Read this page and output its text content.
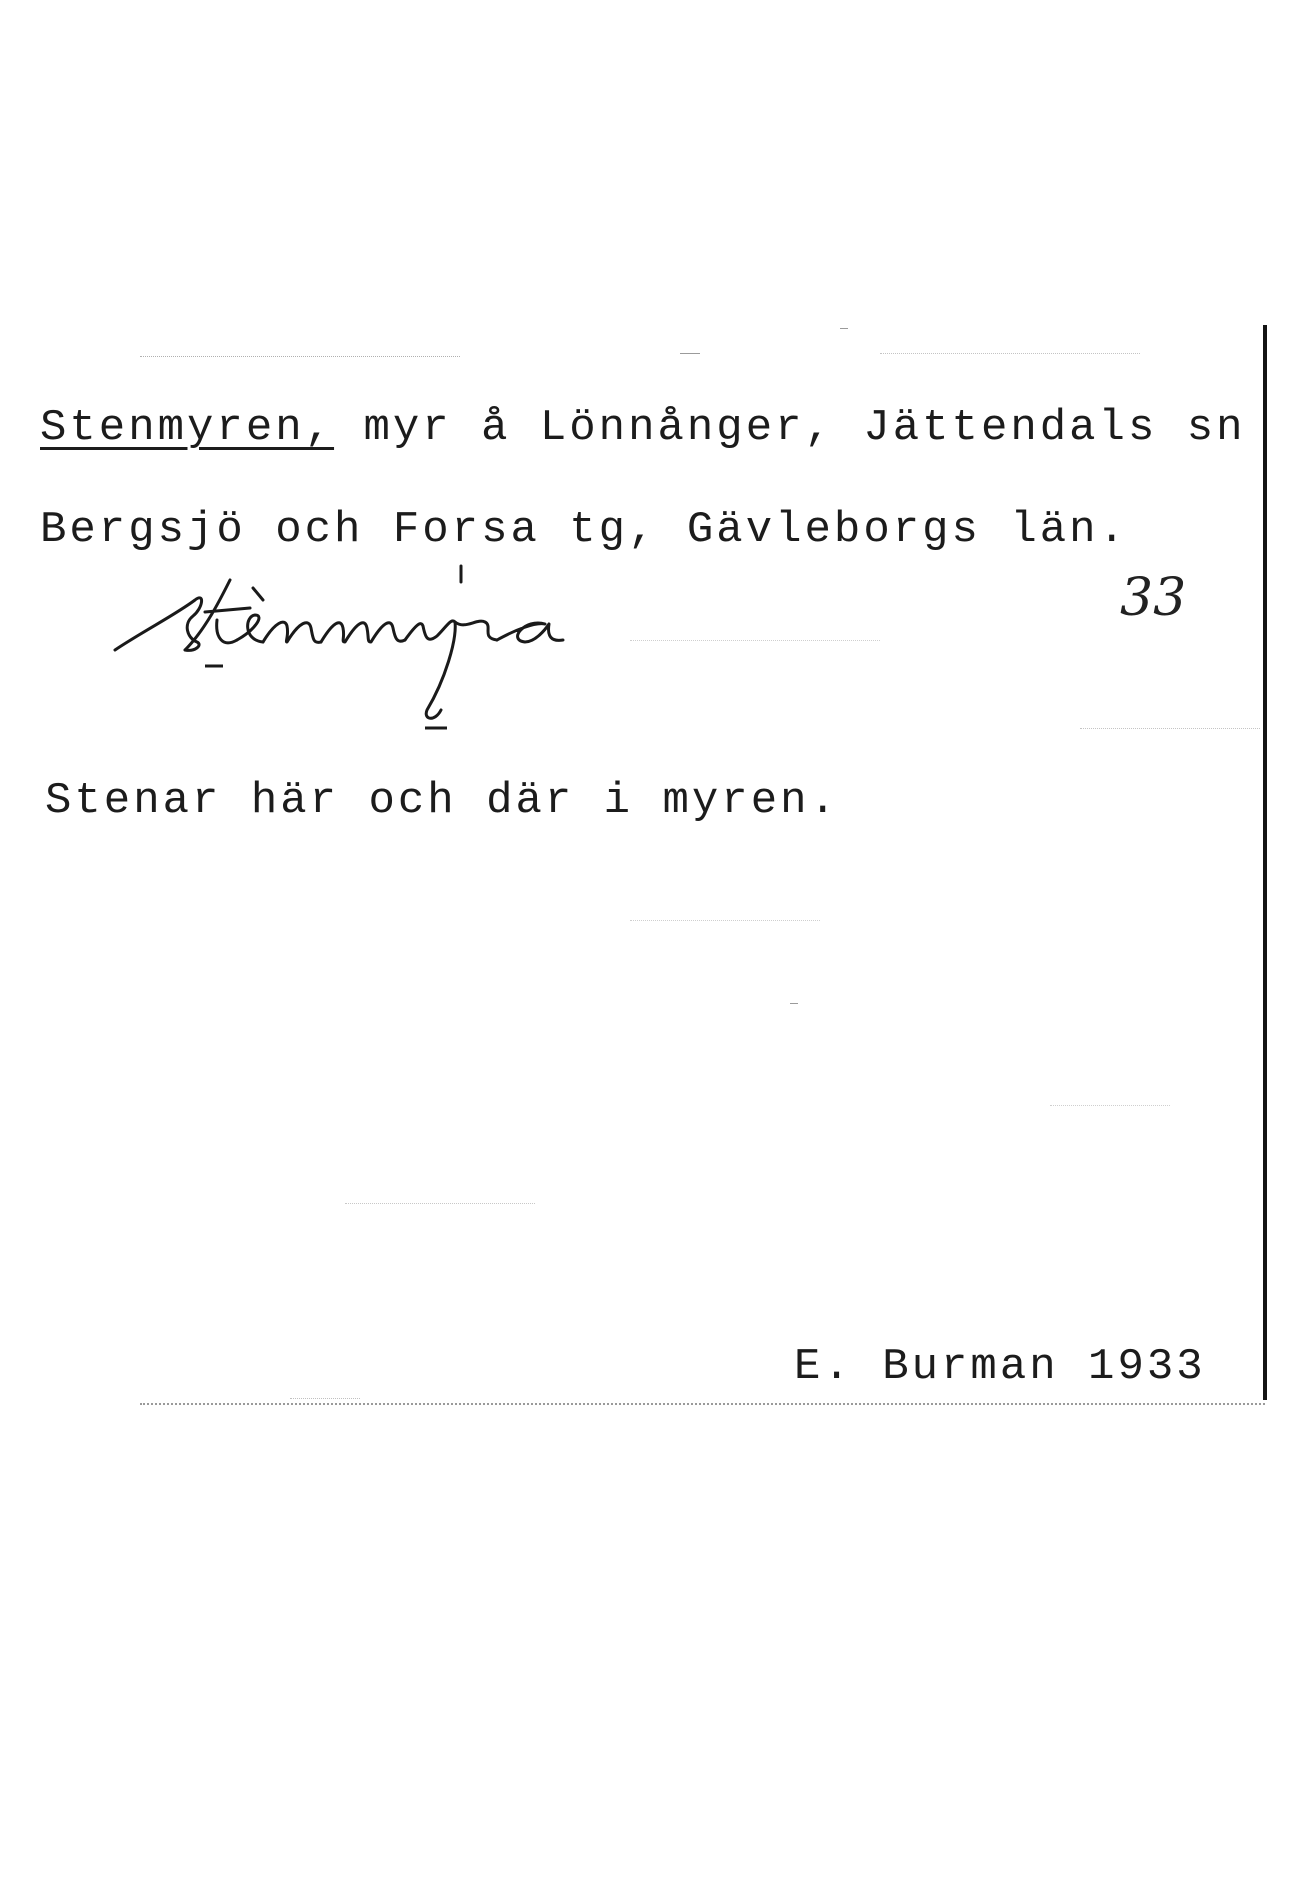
Stenmyren, myr å Lönnånger, Jättendals sn
Bergsjö och Forsa tg, Gävleborgs län.
33
Stenar här och där i myren.
E. Burman 1933
